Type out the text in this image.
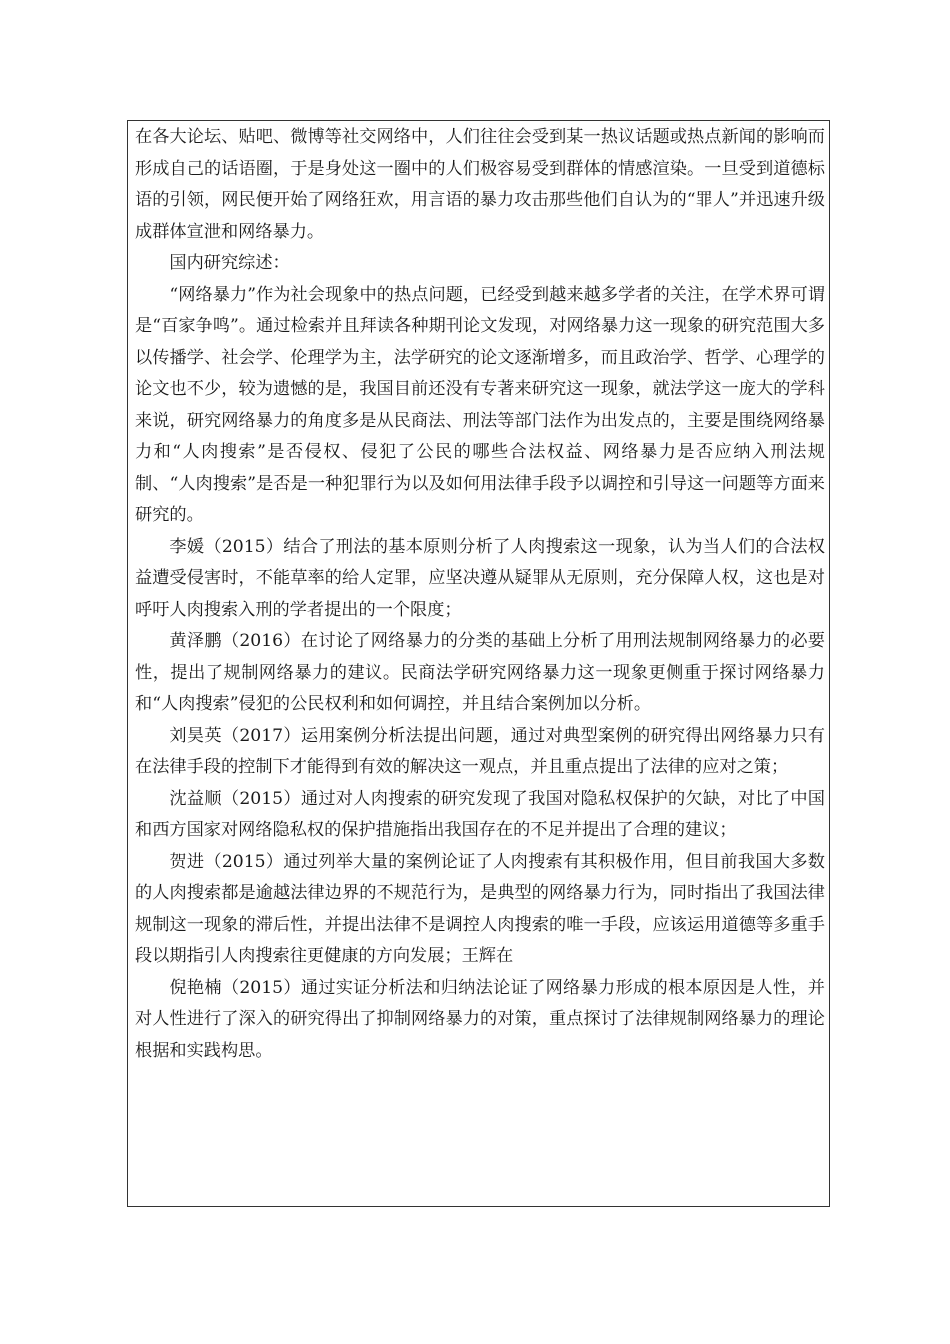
在各大论坛、贴吧、微博等社交网络中，人们往往会受到某一热议话题或热点新闻的影响而形成自己的话语圈，于是身处这一圈中的人们极容易受到群体的情感渲染。一旦受到道德标语的引领，网民便开始了网络狂欢，用言语的暴力攻击那些他们自认为的“罪人”并迅速升级成群体宣泄和网络暴力。

国内研究综述：

“网络暴力”作为社会现象中的热点问题，已经受到越来越多学者的关注，在学术界可谓是“百家争鸣”。通过检索并且拜读各种期刊论文发现，对网络暴力这一现象的研究范围大多以传播学、社会学、伦理学为主，法学研究的论文逐渐增多，而且政治学、哲学、心理学的论文也不少，较为遗憾的是，我国目前还没有专著来研究这一现象，就法学这一庞大的学科来说，研究网络暴力的角度多是从民商法、刑法等部门法作为出发点的，主要是围绕网络暴力和“人肉搜索”是否侵权、侵犯了公民的哪些合法权益、网络暴力是否应纳入刑法规制、“人肉搜索”是否是一种犯罪行为以及如何用法律手段予以调控和引导这一问题等方面来研究的。

李媛（2015）结合了刑法的基本原则分析了人肉搜索这一现象，认为当人们的合法权益遭受侵害时，不能草率的给人定罪，应坚决遵从疑罪从无原则，充分保障人权，这也是对呼吁人肉搜索入刑的学者提出的一个限度；

黄泽鹏（2016）在讨论了网络暴力的分类的基础上分析了用刑法规制网络暴力的必要性，提出了规制网络暴力的建议。民商法学研究网络暴力这一现象更侧重于探讨网络暴力和“人肉搜索”侵犯的公民权利和如何调控，并且结合案例加以分析。

刘昊英（2017）运用案例分析法提出问题，通过对典型案例的研究得出网络暴力只有在法律手段的控制下才能得到有效的解决这一观点，并且重点提出了法律的应对之策；

沈益顺（2015）通过对人肉搜索的研究发现了我国对隐私权保护的欠缺，对比了中国和西方国家对网络隐私权的保护措施指出我国存在的不足并提出了合理的建议；

贺进（2015）通过列举大量的案例论证了人肉搜索有其积极作用，但目前我国大多数的人肉搜索都是逾越法律边界的不规范行为，是典型的网络暴力行为，同时指出了我国法律规制这一现象的滞后性，并提出法律不是调控人肉搜索的唯一手段，应该运用道德等多重手段以期指引人肉搜索往更健康的方向发展；王辉在

倪艳楠（2015）通过实证分析法和归纳法论证了网络暴力形成的根本原因是人性，并对人性进行了深入的研究得出了抑制网络暴力的对策，重点探讨了法律规制网络暴力的理论根据和实践构思。
